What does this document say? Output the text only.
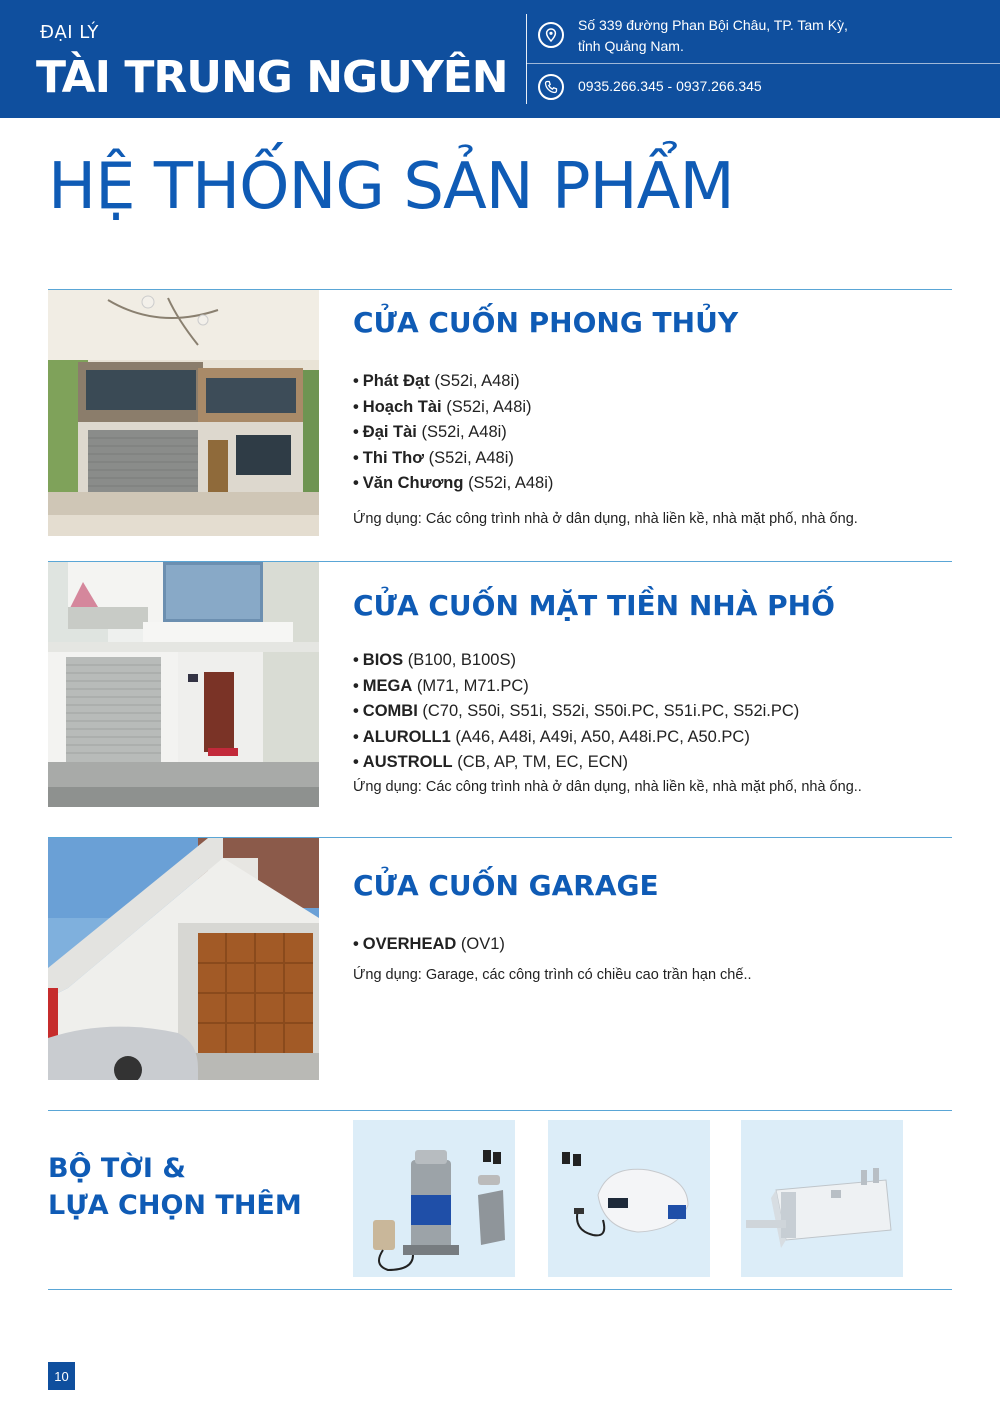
ĐẠI LÝ
TÀI TRUNG NGUYÊN
Số 339 đường Phan Bội Châu, TP. Tam Kỳ,
tỉnh Quảng Nam.
0935.266.345 - 0937.266.345
HỆ THỐNG SẢN PHẨM
CỬA CUỐN PHONG THỦY
• Phát Đạt (S52i, A48i)
• Hoạch Tài (S52i, A48i)
• Đại Tài (S52i, A48i)
• Thi Thơ (S52i, A48i)
• Văn Chương (S52i, A48i)
Ứng dụng: Các công trình nhà ở dân dụng, nhà liền kề, nhà mặt phố, nhà ống.
CỬA CUỐN MẶT TIỀN NHÀ PHỐ
• BIOS (B100, B100S)
• MEGA (M71, M71.PC)
• COMBI (C70, S50i, S51i, S52i, S50i.PC, S51i.PC, S52i.PC)
• ALUROLL1 (A46, A48i, A49i, A50, A48i.PC, A50.PC)
• AUSTROLL (CB, AP, TM, EC, ECN)
Ứng dụng: Các công trình nhà ở dân dụng, nhà liền kề, nhà mặt phố, nhà ống..
CỬA CUỐN GARAGE
• OVERHEAD (OV1)
Ứng dụng: Garage, các công trình có chiều cao trần hạn chế..
BỘ TỜI &
LỰA CHỌN THÊM
10
